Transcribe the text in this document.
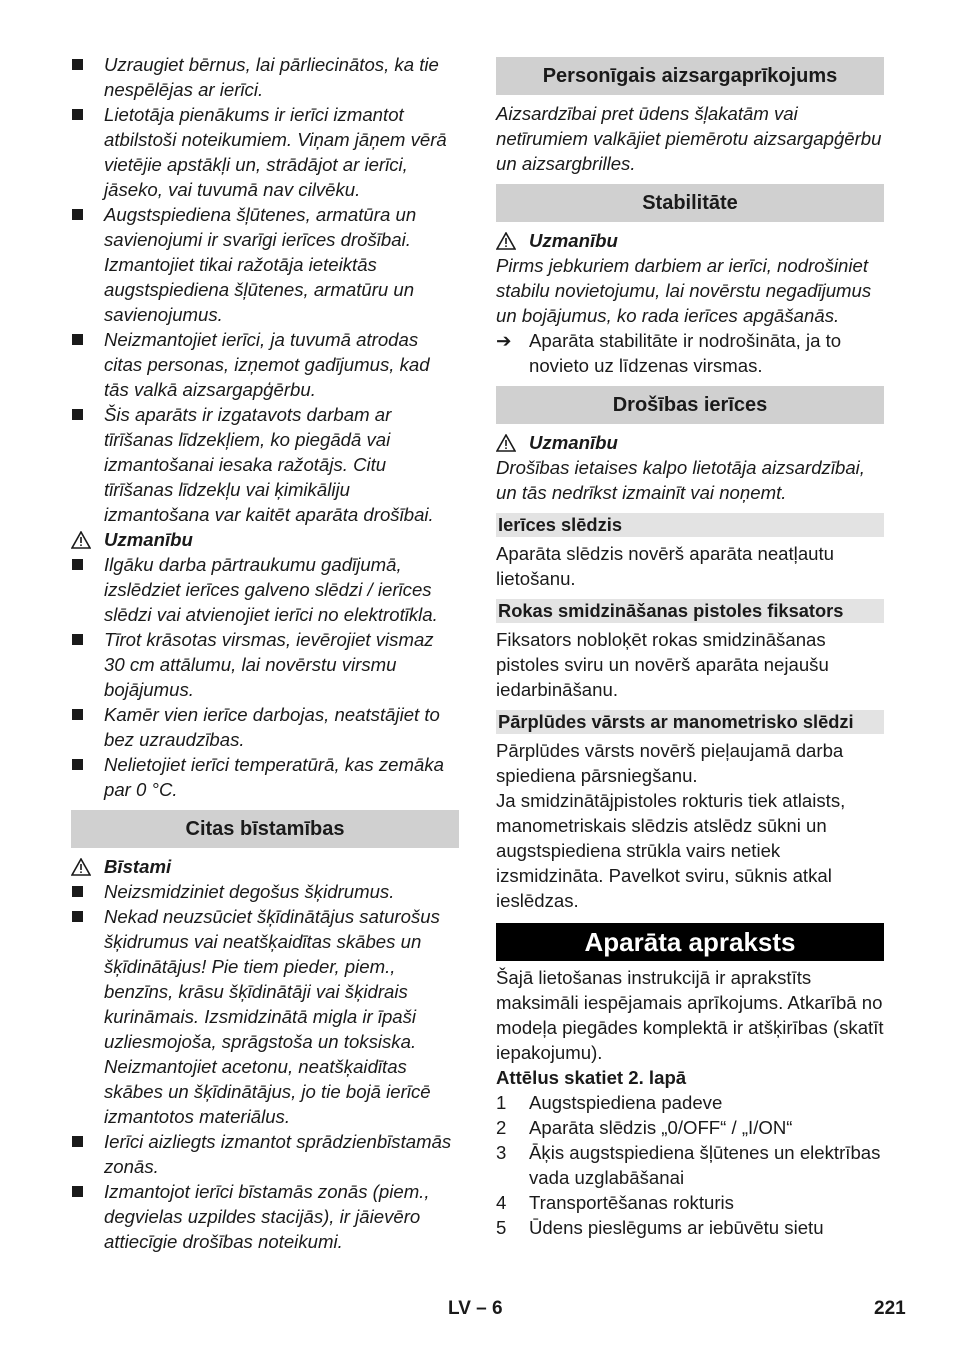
Uzraugiet bērnus, lai pārliecinātos, ka tie nespēlējas ar ierīci.
Lietotāja pienākums ir ierīci izmantot atbilstoši noteikumiem. Viņam jāņem vērā vietējie apstākļi un, strādājot ar ierīci, jāseko, vai tuvumā nav cilvēku.
Augstspiediena šļūtenes, armatūra un savienojumi ir svarīgi ierīces drošībai. Izmantojiet tikai ražotāja ieteiktās augstspiediena šļūtenes, armatūru un savienojumus.
Neizmantojiet ierīci, ja tuvumā atrodas citas personas, izņemot gadījumus, kad tās valkā aizsargapģērbu.
Šis aparāts ir izgatavots darbam ar tīrīšanas līdzekļiem, ko piegādā vai izmantošanai iesaka ražotājs. Citu tīrīšanas līdzekļu vai ķimikāliju izmantošana var kaitēt aparāta drošībai.
Uzmanību
Ilgāku darba pārtraukumu gadījumā, izslēdziet ierīces galveno slēdzi / ierīces slēdzi vai atvienojiet ierīci no elektrotīkla.
Tīrot krāsotas virsmas, ievērojiet vismaz 30 cm attālumu, lai novērstu virsmu bojājumus.
Kamēr vien ierīce darbojas, neatstājiet to bez uzraudzības.
Nelietojiet ierīci temperatūrā, kas zemāka par 0 °C.
Citas bīstamības
Bīstami
Neizsmidziniet degošus šķidrumus.
Nekad neuzsūciet šķīdinātājus saturošus šķidrumus vai neatšķaidītas skābes un šķīdinātājus! Pie tiem pieder, piem., benzīns, krāsu šķīdinātāji vai šķidrais kurināmais. Izsmidzinātā migla ir īpaši uzliesmojoša, sprāgstoša un toksiska. Neizmantojiet acetonu, neatšķaidītas skābes un šķīdinātājus, jo tie bojā ierīcē izmantotos materiālus.
Ierīci aizliegts izmantot sprādzienbīstamās zonās.
Izmantojot ierīci bīstamās zonās (piem., degvielas uzpildes stacijās), ir jāievēro attiecīgie drošības noteikumi.
Personīgais aizsargaprīkojums
Aizsardzībai pret ūdens šļakatām vai netīrumiem valkājiet piemērotu aizsargapģērbu un aizsargbrilles.
Stabilitāte
Uzmanību
Pirms jebkuriem darbiem ar ierīci, nodrošiniet stabilu novietojumu, lai novērstu negadījumus un bojājumus, ko rada ierīces apgāšanās.
➔ Aparāta stabilitāte ir nodrošināta, ja to novieto uz līdzenas virsmas.
Drošības ierīces
Uzmanību
Drošības ietaises kalpo lietotāja aizsardzībai, un tās nedrīkst izmainīt vai noņemt.
Ierīces slēdzis
Aparāta slēdzis novērš aparāta neatļautu lietošanu.
Rokas smidzināšanas pistoles fiksators
Fiksators nobloķēt rokas smidzināšanas pistoles sviru un novērš aparāta nejaušu iedarbināšanu.
Pārplūdes vārsts ar manometrisko slēdzi
Pārplūdes vārsts novērš pieļaujamā darba spiediena pārsniegšanu.
Ja smidzinātājpistoles rokturis tiek atlaists, manometriskais slēdzis atslēdz sūkni un augstspiediena strūkla vairs netiek izsmidzināta. Pavelkot sviru, sūknis atkal ieslēdzas.
Aparāta apraksts
Šajā lietošanas instrukcijā ir aprakstīts maksimāli iespējamais aprīkojums. Atkarībā no modeļa piegādes komplektā ir atšķirības (skatīt iepakojumu).
Attēlus skatiet 2. lapā
1 Augstspiediena padeve
2 Aparāta slēdzis „0/OFF“ / „I/ON“
3 Āķis augstspiediena šļūtenes un elektrības vada uzglabāšanai
4 Transportēšanas rokturis
5 Ūdens pieslēgums ar iebūvētu sietu
LV – 6	221
